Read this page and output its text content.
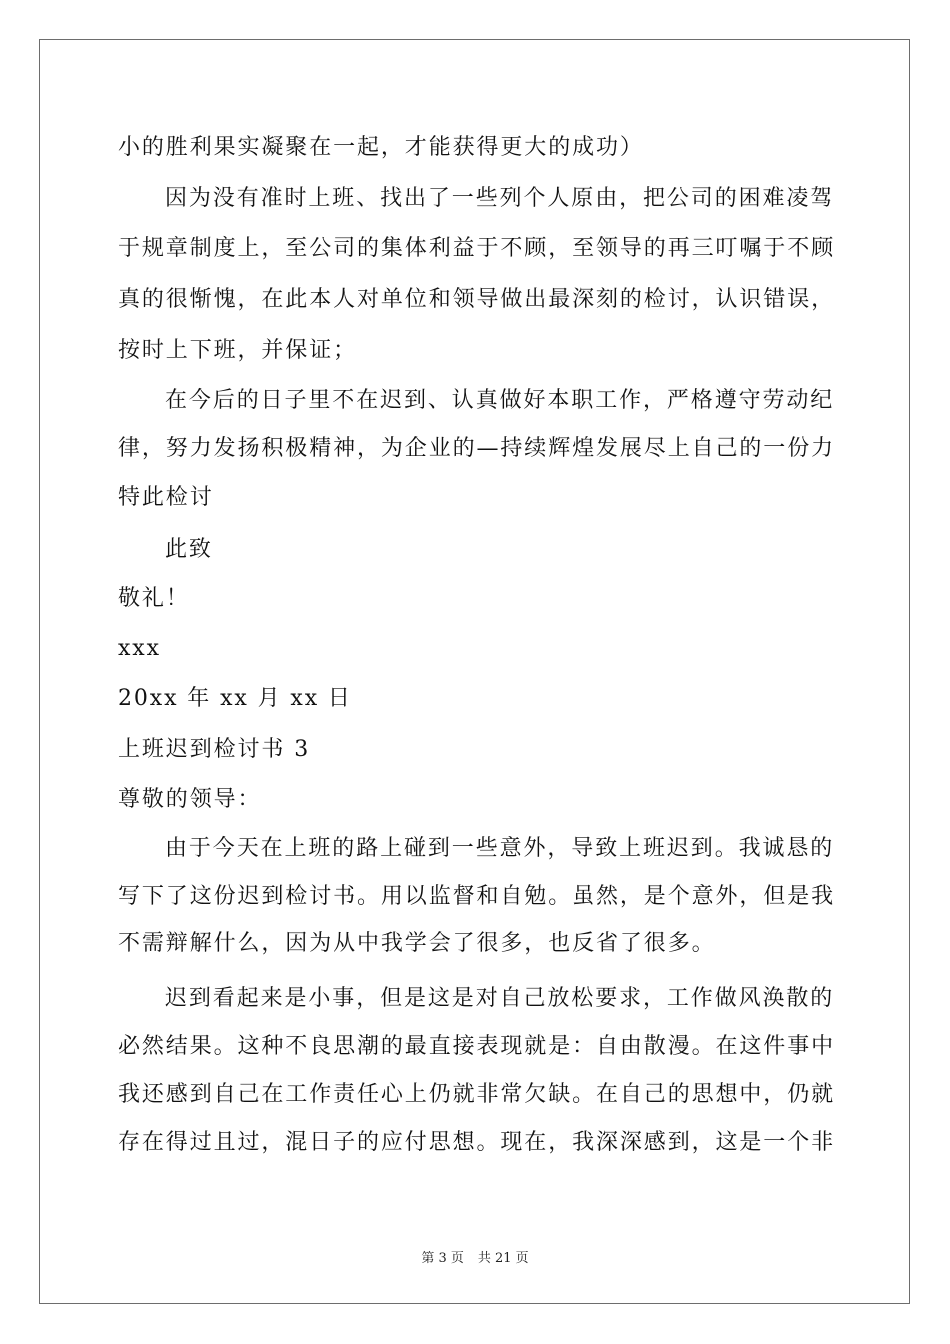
小的胜利果实凝聚在一起，才能获得更大的成功）
因为没有准时上班、找出了一些列个人原由，把公司的困难凌驾
于规章制度上，至公司的集体利益于不顾，至领导的再三叮嘱于不顾
真的很惭愧，在此本人对单位和领导做出最深刻的检讨，认识错误，
按时上下班，并保证；
在今后的日子里不在迟到、认真做好本职工作，严格遵守劳动纪
律，努力发扬积极精神，为企业的—持续辉煌发展尽上自己的一份力
特此检讨
此致
敬礼！
xxx
20xx 年 xx 月 xx 日
上班迟到检讨书 3
尊敬的领导：
由于今天在上班的路上碰到一些意外，导致上班迟到。我诚恳的
写下了这份迟到检讨书。用以监督和自勉。虽然，是个意外，但是我
不需辩解什么，因为从中我学会了很多，也反省了很多。
迟到看起来是小事，但是这是对自己放松要求，工作做风涣散的
必然结果。这种不良思潮的最直接表现就是：自由散漫。在这件事中
我还感到自己在工作责任心上仍就非常欠缺。在自己的思想中，仍就
存在得过且过，混日子的应付思想。现在，我深深感到，这是一个非
第 3 页 共 21 页
